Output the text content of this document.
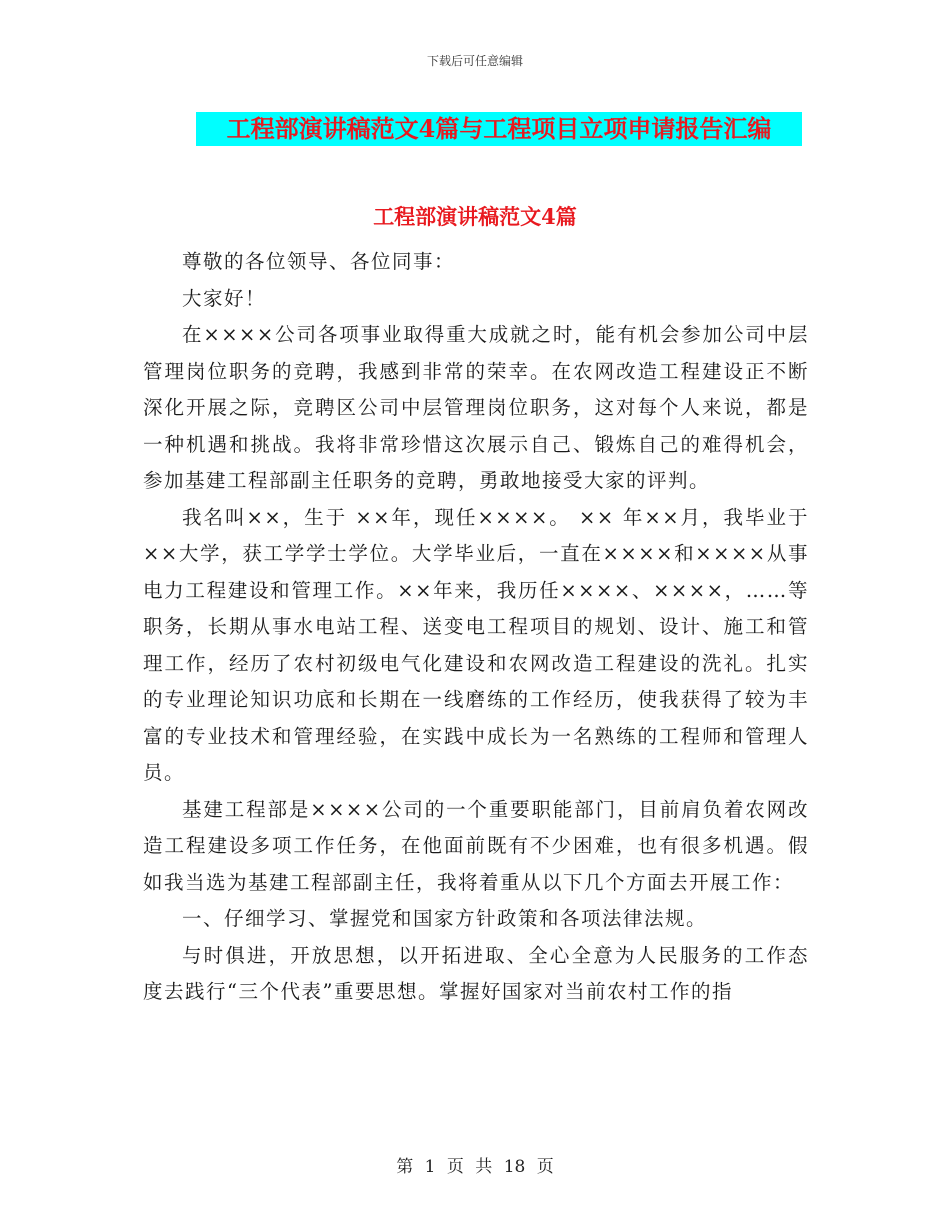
下载后可任意编辑
工程部演讲稿范文4篇与工程项目立项申请报告汇编
工程部演讲稿范文4篇

尊敬的各位领导、各位同事：

大家好！

在××××公司各项事业取得重大成就之时，能有机会参加公司中层管理岗位职务的竞聘，我感到非常的荣幸。在农网改造工程建设正不断深化开展之际，竞聘区公司中层管理岗位职务，这对每个人来说，都是一种机遇和挑战。我将非常珍惜这次展示自己、锻炼自己的难得机会，参加基建工程部副主任职务的竞聘，勇敢地接受大家的评判。

我名叫××，生于 ××年，现任××××。 ×× 年××月，我毕业于××大学，获工学学士学位。大学毕业后，一直在××××和××××从事电力工程建设和管理工作。××年来，我历任××××、××××，……等职务，长期从事水电站工程、送变电工程项目的规划、设计、施工和管理工作，经历了农村初级电气化建设和农网改造工程建设的洗礼。扎实的专业理论知识功底和长期在一线磨练的工作经历，使我获得了较为丰富的专业技术和管理经验，在实践中成长为一名熟练的工程师和管理人员。

基建工程部是××××公司的一个重要职能部门，目前肩负着农网改造工程建设多项工作任务，在他面前既有不少困难，也有很多机遇。假如我当选为基建工程部副主任，我将着重从以下几个方面去开展工作：

一、仔细学习、掌握党和国家方针政策和各项法律法规。

与时俱进，开放思想，以开拓进取、全心全意为人民服务的工作态度去践行“三个代表”重要思想。掌握好国家对当前农村工作的指

第 1 页 共 18 页
